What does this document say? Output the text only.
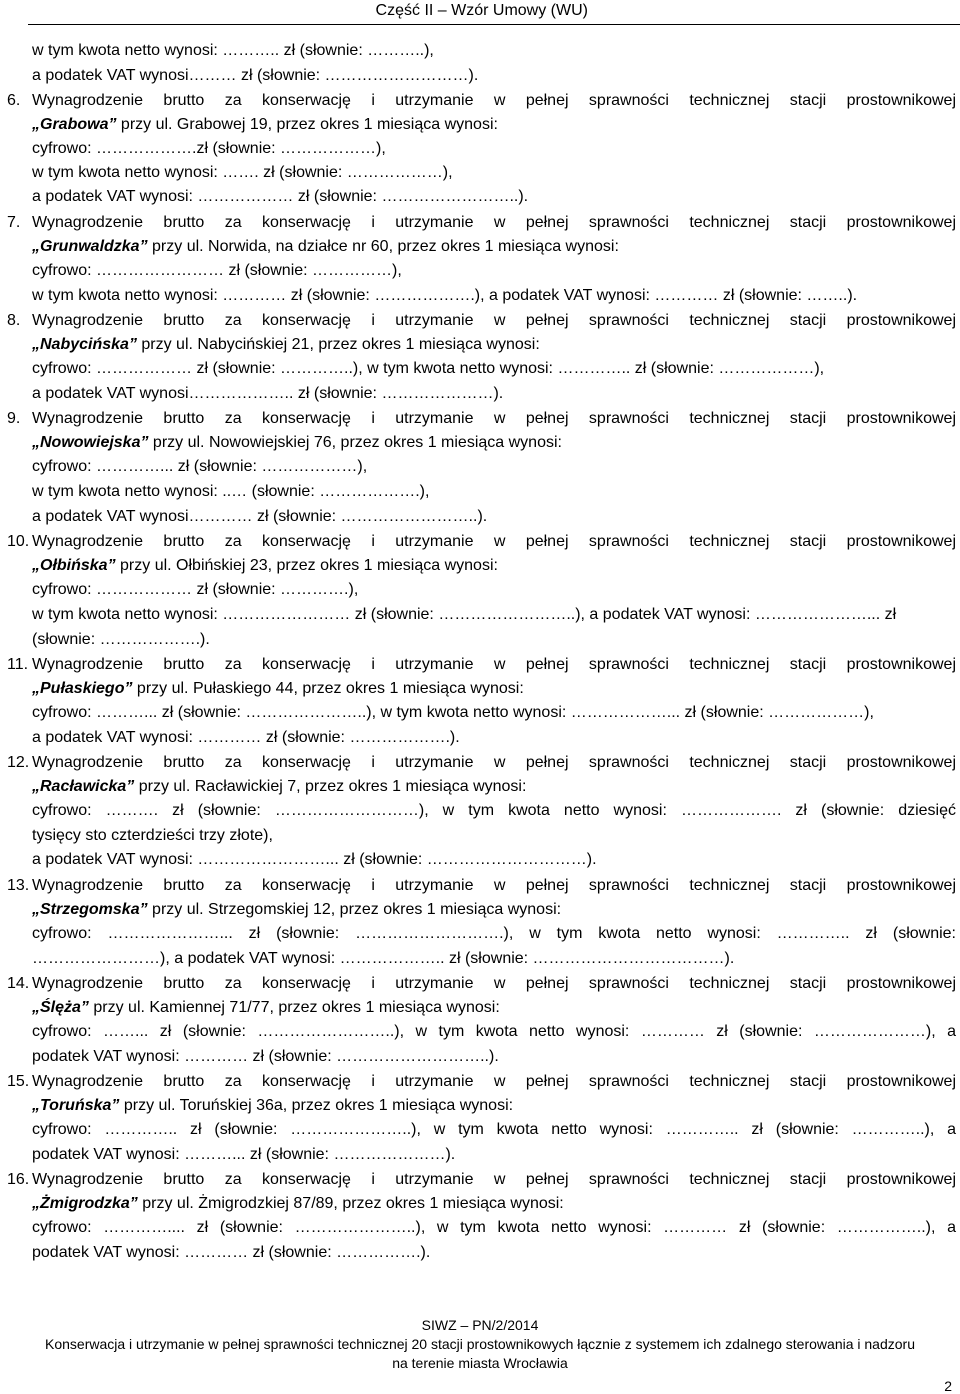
Część II – Wzór Umowy (WU)
w tym kwota netto wynosi: ……….. zł (słownie: ………..),
a podatek VAT wynosi……… zł (słownie: ………………………).
6. Wynagrodzenie brutto za konserwację i utrzymanie w pełnej sprawności technicznej stacji prostownikowej
„Grabowa” przy ul. Grabowej 19, przez okres 1 miesiąca wynosi:
cyfrowo: ……………….zł (słownie: ………………),
w tym kwota netto wynosi: ……. zł (słownie: ………………),
a podatek VAT wynosi: ……………… zł (słownie: ……………………..).
7. Wynagrodzenie brutto za konserwację i utrzymanie w pełnej sprawności technicznej stacji prostownikowej
„Grunwaldzka” przy ul. Norwida, na działce nr 60, przez okres 1 miesiąca wynosi:
cyfrowo: …………………… zł (słownie: ……………),
w tym kwota netto wynosi: ………… zł (słownie: ……………….), a podatek VAT wynosi: ………… zł (słownie: ……..).
8. Wynagrodzenie brutto za konserwację i utrzymanie w pełnej sprawności technicznej stacji prostownikowej
„Nabycińska” przy ul. Nabycińskiej 21, przez okres 1 miesiąca wynosi:
cyfrowo: ……………… zł (słownie: …………..), w tym kwota netto wynosi: ………….. zł (słownie: ………………),
a podatek VAT wynosi……………….. zł (słownie: …………………).
9. Wynagrodzenie brutto za konserwację i utrzymanie w pełnej sprawności technicznej stacji prostownikowej
„Nowowiejska” przy ul. Nowowiejskiej 76, przez okres 1 miesiąca wynosi:
cyfrowo: …………... zł (słownie: ………………),
w tym kwota netto wynosi: ..… (słownie: ……………….),
a podatek VAT wynosi………… zł (słownie: ……………………..).
10. Wynagrodzenie brutto za konserwację i utrzymanie w pełnej sprawności technicznej stacji prostownikowej
„Ołbińska” przy ul. Ołbińskiej 23, przez okres 1 miesiąca wynosi:
cyfrowo: ……………… zł (słownie: ………….),
w tym kwota netto wynosi: …………………… zł (słownie: ……………………..), a podatek VAT wynosi: …………………... zł
(słownie: ……………….).
11. Wynagrodzenie brutto za konserwację i utrzymanie w pełnej sprawności technicznej stacji prostownikowej
„Pułaskiego” przy ul. Pułaskiego 44, przez okres 1 miesiąca wynosi:
cyfrowo: ………... zł (słownie: …………………..), w tym kwota netto wynosi: ………………... zł (słownie: ………………),
a podatek VAT wynosi: ………… zł (słownie: ……………….).
12. Wynagrodzenie brutto za konserwację i utrzymanie w pełnej sprawności technicznej stacji prostownikowej
„Racławicka” przy ul. Racławickiej 7, przez okres 1 miesiąca wynosi:
cyfrowo: ………. zł (słownie: ………………………), w tym kwota netto wynosi: ………………. zł (słownie: dziesięć
tysięcy sto czterdzieści trzy złote),
a podatek VAT wynosi: ……………………... zł (słownie: …………………………).
13. Wynagrodzenie brutto za konserwację i utrzymanie w pełnej sprawności technicznej stacji prostownikowej
„Strzegomska” przy ul. Strzegomskiej 12, przez okres 1 miesiąca wynosi:
cyfrowo: …………………... zł (słownie: ……………………….), w tym kwota netto wynosi: ………….. zł (słownie:
……………………), a podatek VAT wynosi: ……………….. zł (słownie: ………………………………).
14. Wynagrodzenie brutto za konserwację i utrzymanie w pełnej sprawności technicznej stacji prostownikowej
„Ślęża” przy ul. Kamiennej 71/77, przez okres 1 miesiąca wynosi:
cyfrowo: ……... zł (słownie: ……………………..), w tym kwota netto wynosi: ………… zł (słownie: …………………), a
podatek VAT wynosi: ………… zł (słownie: ………………………..).
15. Wynagrodzenie brutto za konserwację i utrzymanie w pełnej sprawności technicznej stacji prostownikowej
„Toruńska” przy ul. Toruńskiej 36a, przez okres 1 miesiąca wynosi:
cyfrowo: ………….. zł (słownie: …………………..), w tym kwota netto wynosi: ………….. zł (słownie: …………..), a
podatek VAT wynosi: ………... zł (słownie: …………………).
16. Wynagrodzenie brutto za konserwację i utrzymanie w pełnej sprawności technicznej stacji prostownikowej
„Żmigrodzka” przy ul. Żmigrodzkiej 87/89, przez okres 1 miesiąca wynosi:
cyfrowo: ………….... zł (słownie: …………………..), w tym kwota netto wynosi: ………… zł (słownie: ……………..), a
podatek VAT wynosi: ………… zł (słownie: …………….).
SIWZ – PN/2/2014
Konserwacja i utrzymanie w pełnej sprawności technicznej 20 stacji prostownikowych łącznie z systemem ich zdalnego sterowania i nadzoru
na terenie miasta Wrocławia
2
